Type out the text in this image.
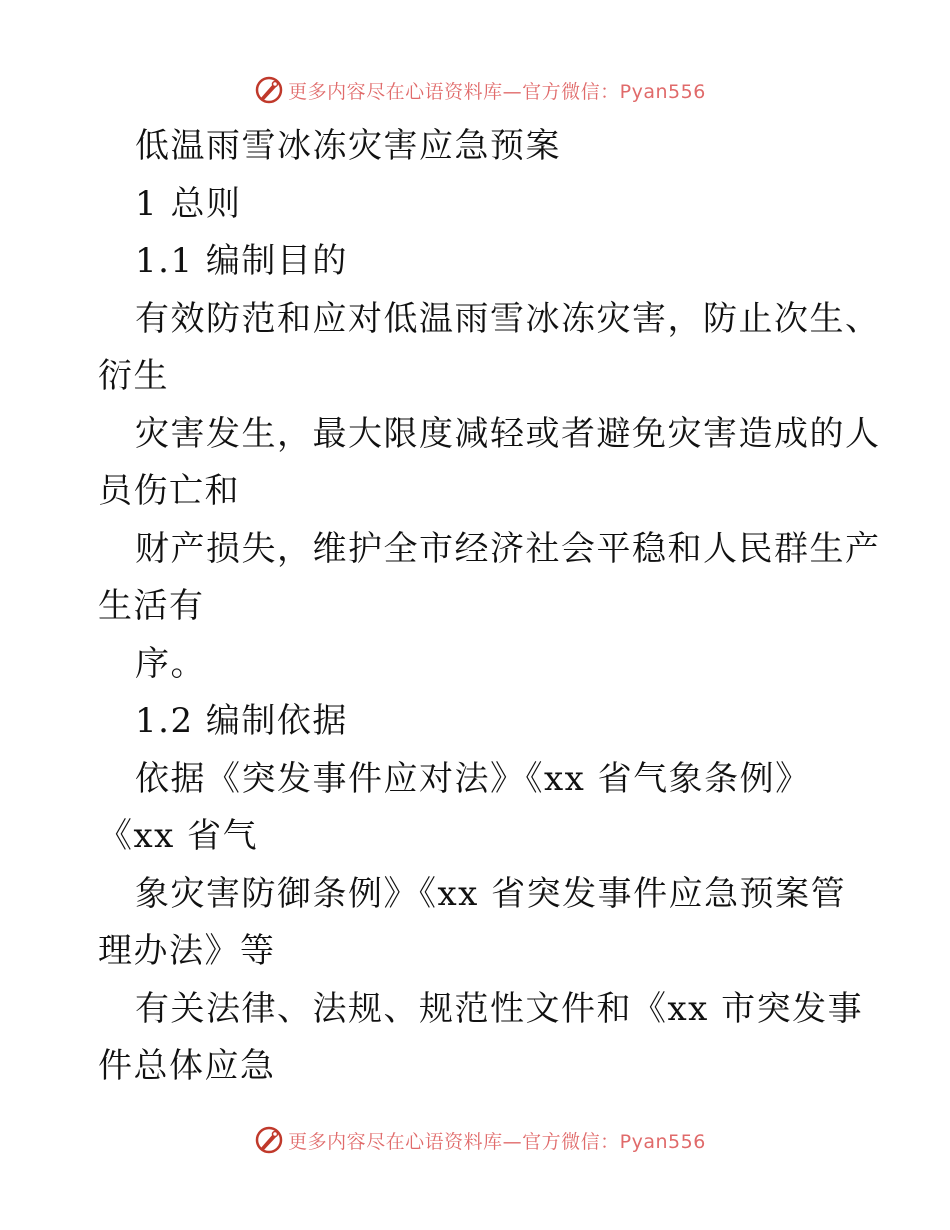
更多内容尽在心语资料库—官方微信：Pyan556
低温雨雪冰冻灾害应急预案
1 总则
1.1 编制目的
有效防范和应对低温雨雪冰冻灾害，防止次生、
衍生
灾害发生，最大限度减轻或者避免灾害造成的人
员伤亡和
财产损失，维护全市经济社会平稳和人民群生产
生活有
序。
1.2 编制依据
依据《突发事件应对法》《xx 省气象条例》
《xx 省气
象灾害防御条例》《xx 省突发事件应急预案管
理办法》等
有关法律、法规、规范性文件和《xx 市突发事
件总体应急
更多内容尽在心语资料库—官方微信：Pyan556
